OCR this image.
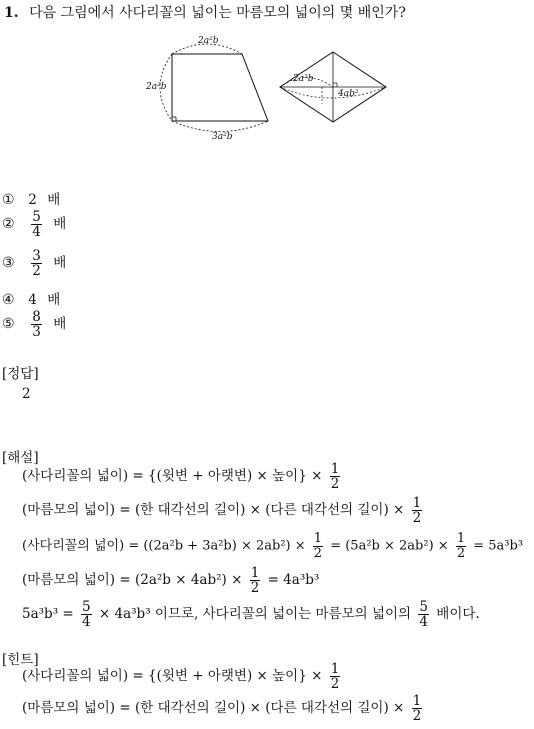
1. 다음 그림에서 사다리꼴의 넓이는 마름모의 넓이의 몇 배인가?
2a²b
2a²b
3a²b
2a²b
4ab²
① 2 배
② $\frac{5}{4}$ 배
③ $\frac{3}{2}$ 배
④ 4 배
⑤ $\frac{8}{3}$ 배
[정답]
2
[해설]
(사다리꼴의 넓이) = {(윗변 + 아랫변) × 높이} × $\frac{1}{2}$
(마름모의 넓이) = (한 대각선의 길이) × (다른 대각선의 길이) × $\frac{1}{2}$
(사다리꼴의 넓이) = $((2a^2b + 3a^2b) \times 2ab^2) \times \frac{1}{2} = (5a^2b \times 2ab^2) \times \frac{1}{2} = 5a^3b^3$
(마름모의 넓이) = $(2a^2b \times 4ab^2) \times \frac{1}{2} = 4a^3b^3$
$5a^3b^3 = \frac{5}{4} \times 4a^3b^3$ 이므로, 사다리꼴의 넓이는 마름모의 넓이의 $\frac{5}{4}$ 배이다.
[힌트]
(사다리꼴의 넓이) = {(윗변 + 아랫변) × 높이} × $\frac{1}{2}$
(마름모의 넓이) = (한 대각선의 길이) × (다른 대각선의 길이) × $\frac{1}{2}$
